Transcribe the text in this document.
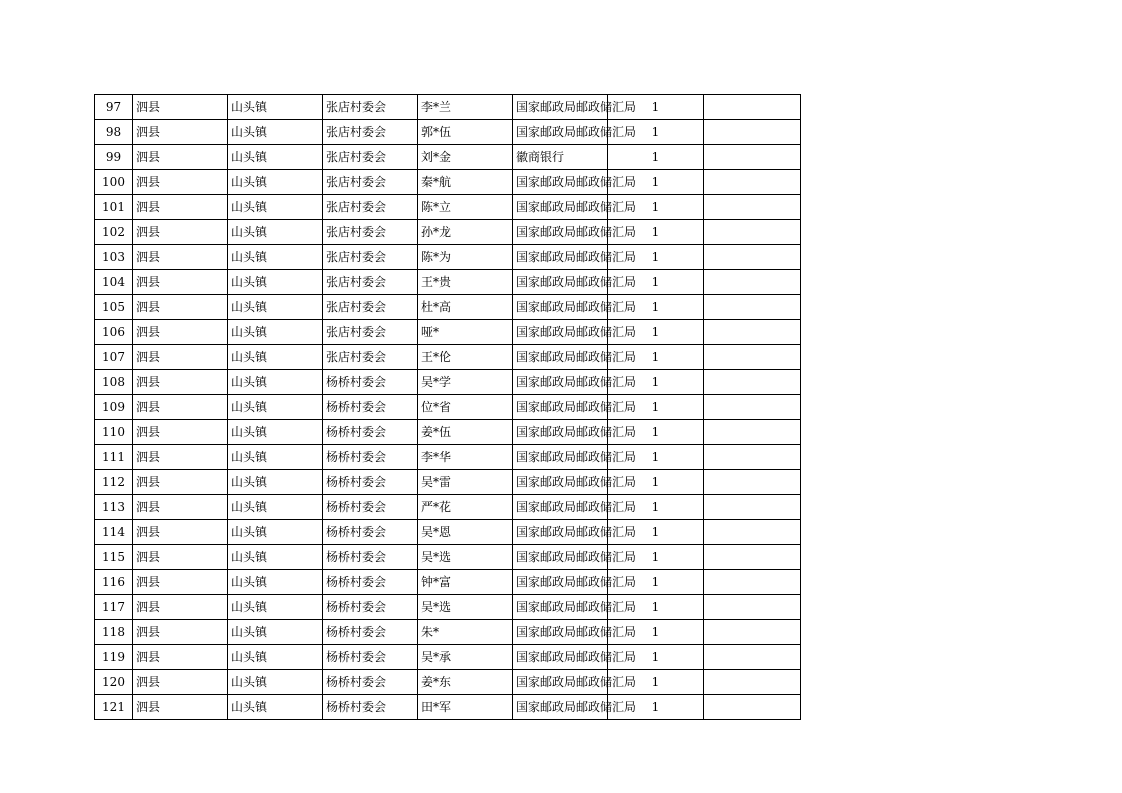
97	泗县	山头镇	张店村委会	李*兰	国家邮政局邮政储汇局	1	
98	泗县	山头镇	张店村委会	郭*伍	国家邮政局邮政储汇局	1	
99	泗县	山头镇	张店村委会	刘*金	徽商银行	1	
100	泗县	山头镇	张店村委会	秦*航	国家邮政局邮政储汇局	1	
101	泗县	山头镇	张店村委会	陈*立	国家邮政局邮政储汇局	1	
102	泗县	山头镇	张店村委会	孙*龙	国家邮政局邮政储汇局	1	
103	泗县	山头镇	张店村委会	陈*为	国家邮政局邮政储汇局	1	
104	泗县	山头镇	张店村委会	王*贵	国家邮政局邮政储汇局	1	
105	泗县	山头镇	张店村委会	杜*高	国家邮政局邮政储汇局	1	
106	泗县	山头镇	张店村委会	哑*	国家邮政局邮政储汇局	1	
107	泗县	山头镇	张店村委会	王*伦	国家邮政局邮政储汇局	1	
108	泗县	山头镇	杨桥村委会	吴*学	国家邮政局邮政储汇局	1	
109	泗县	山头镇	杨桥村委会	位*省	国家邮政局邮政储汇局	1	
110	泗县	山头镇	杨桥村委会	姜*伍	国家邮政局邮政储汇局	1	
111	泗县	山头镇	杨桥村委会	李*华	国家邮政局邮政储汇局	1	
112	泗县	山头镇	杨桥村委会	吴*雷	国家邮政局邮政储汇局	1	
113	泗县	山头镇	杨桥村委会	严*花	国家邮政局邮政储汇局	1	
114	泗县	山头镇	杨桥村委会	吴*恩	国家邮政局邮政储汇局	1	
115	泗县	山头镇	杨桥村委会	吴*选	国家邮政局邮政储汇局	1	
116	泗县	山头镇	杨桥村委会	钟*富	国家邮政局邮政储汇局	1	
117	泗县	山头镇	杨桥村委会	吴*选	国家邮政局邮政储汇局	1	
118	泗县	山头镇	杨桥村委会	朱*	国家邮政局邮政储汇局	1	
119	泗县	山头镇	杨桥村委会	吴*承	国家邮政局邮政储汇局	1	
120	泗县	山头镇	杨桥村委会	姜*东	国家邮政局邮政储汇局	1	
121	泗县	山头镇	杨桥村委会	田*军	国家邮政局邮政储汇局	1	
